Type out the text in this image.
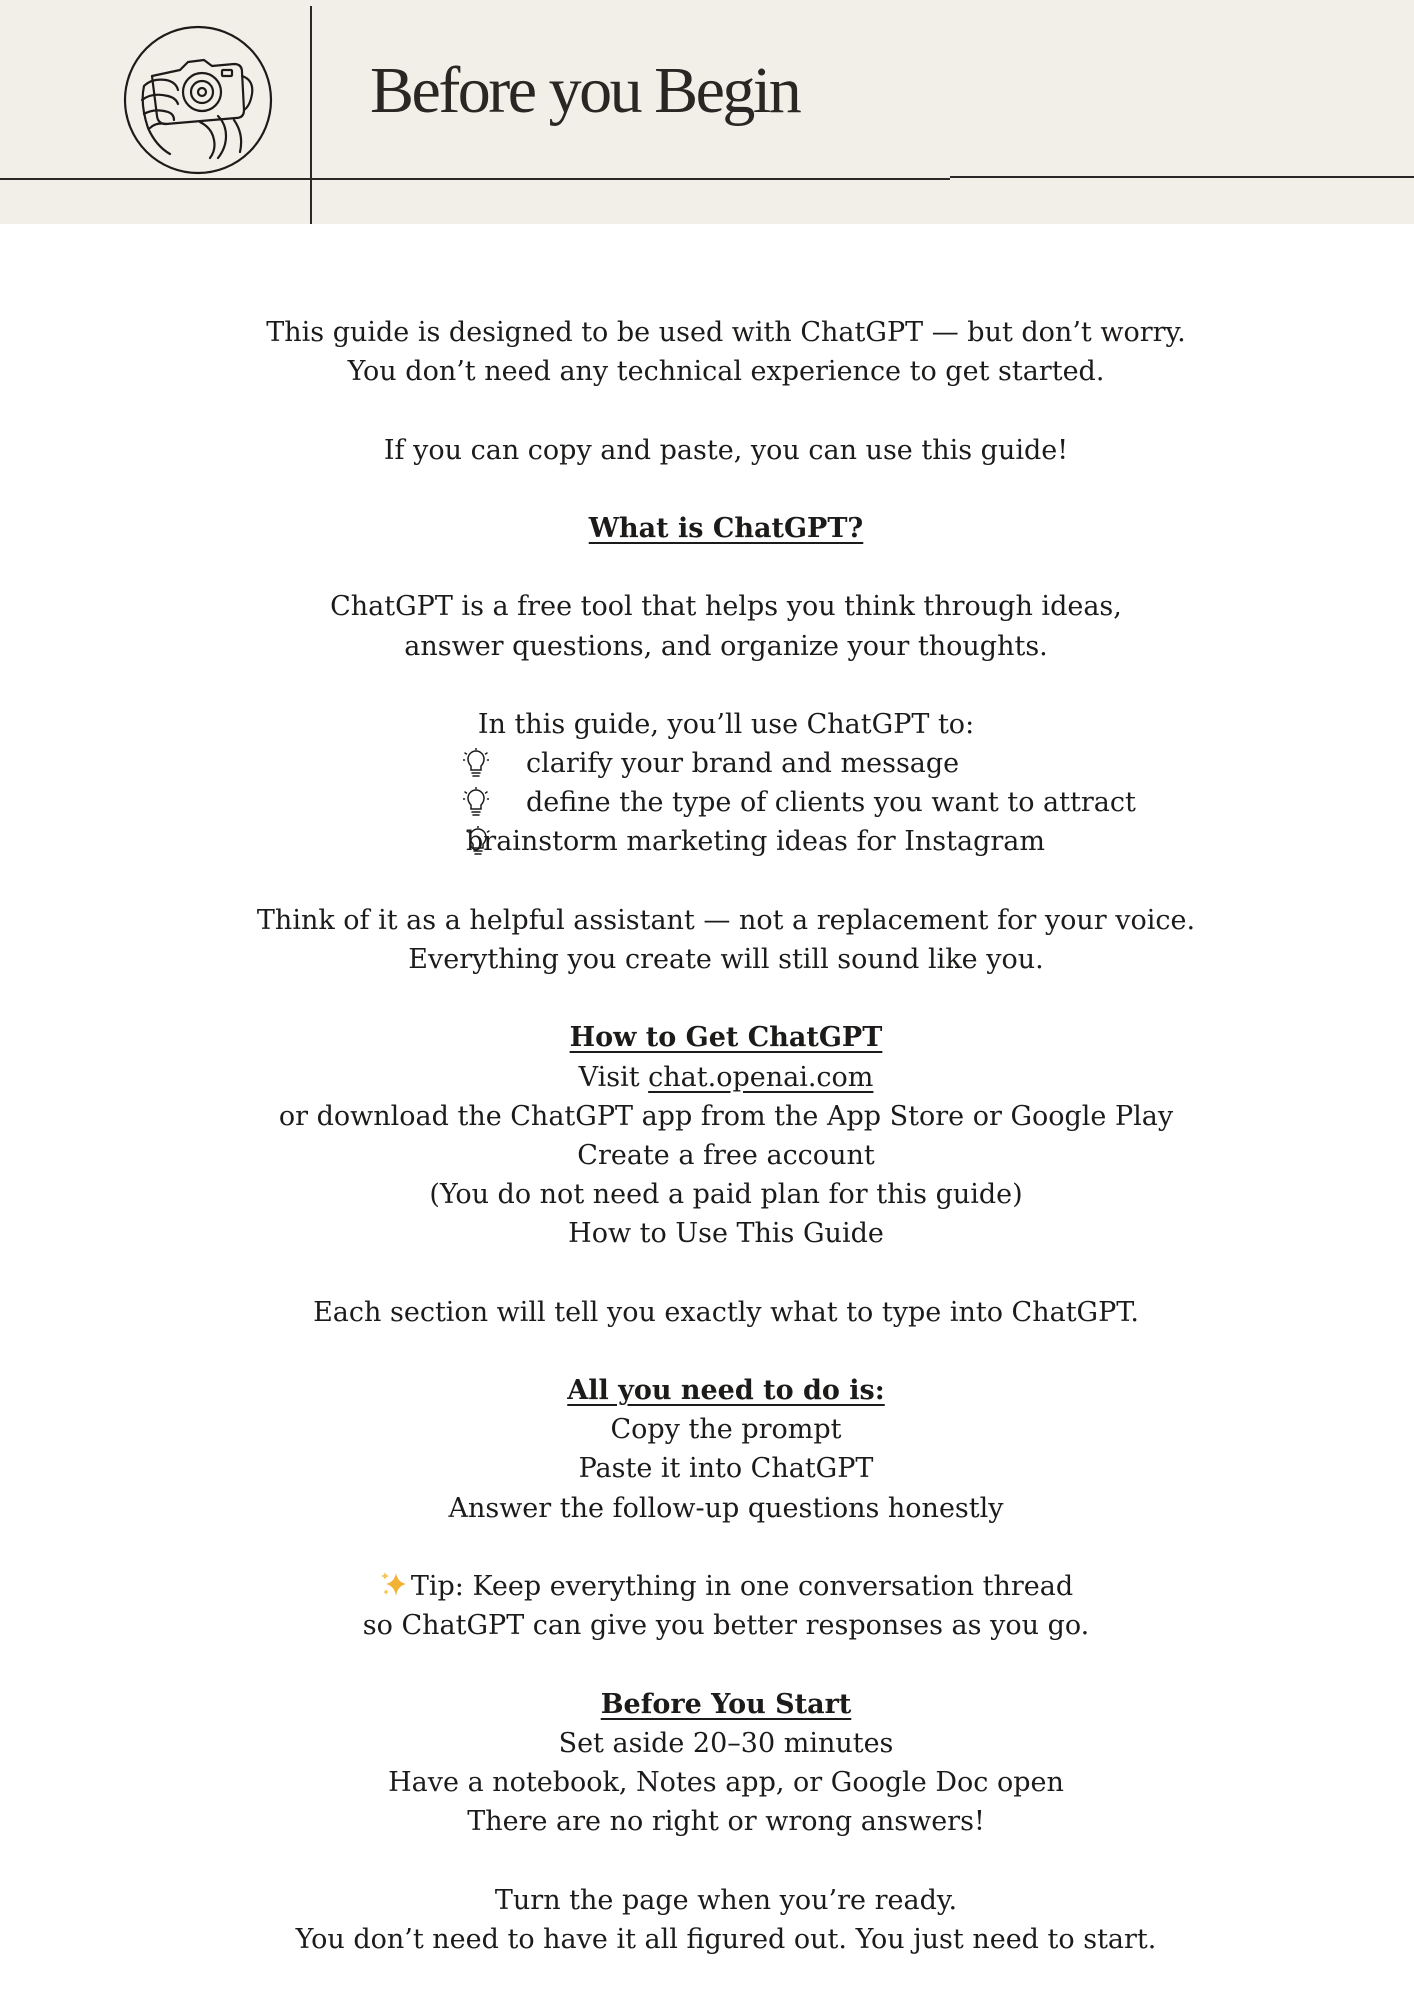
Before you Begin
This guide is designed to be used with ChatGPT — but don’t worry.
You don’t need any technical experience to get started.
If you can copy and paste, you can use this guide!
What is ChatGPT?
ChatGPT is a free tool that helps you think through ideas,
answer questions, and organize your thoughts.
In this guide, you’ll use ChatGPT to:
clarify your brand and message
define the type of clients you want to attract
brainstorm marketing ideas for Instagram
Think of it as a helpful assistant — not a replacement for your voice.
Everything you create will still sound like you.
How to Get ChatGPT
Visit chat.openai.com
or download the ChatGPT app from the App Store or Google Play
Create a free account
(You do not need a paid plan for this guide)
How to Use This Guide
Each section will tell you exactly what to type into ChatGPT.
All you need to do is:
Copy the prompt
Paste it into ChatGPT
Answer the follow-up questions honestly
Tip: Keep everything in one conversation thread
so ChatGPT can give you better responses as you go.
Before You Start
Set aside 20–30 minutes
Have a notebook, Notes app, or Google Doc open
There are no right or wrong answers!
Turn the page when you’re ready.
You don’t need to have it all figured out. You just need to start.
